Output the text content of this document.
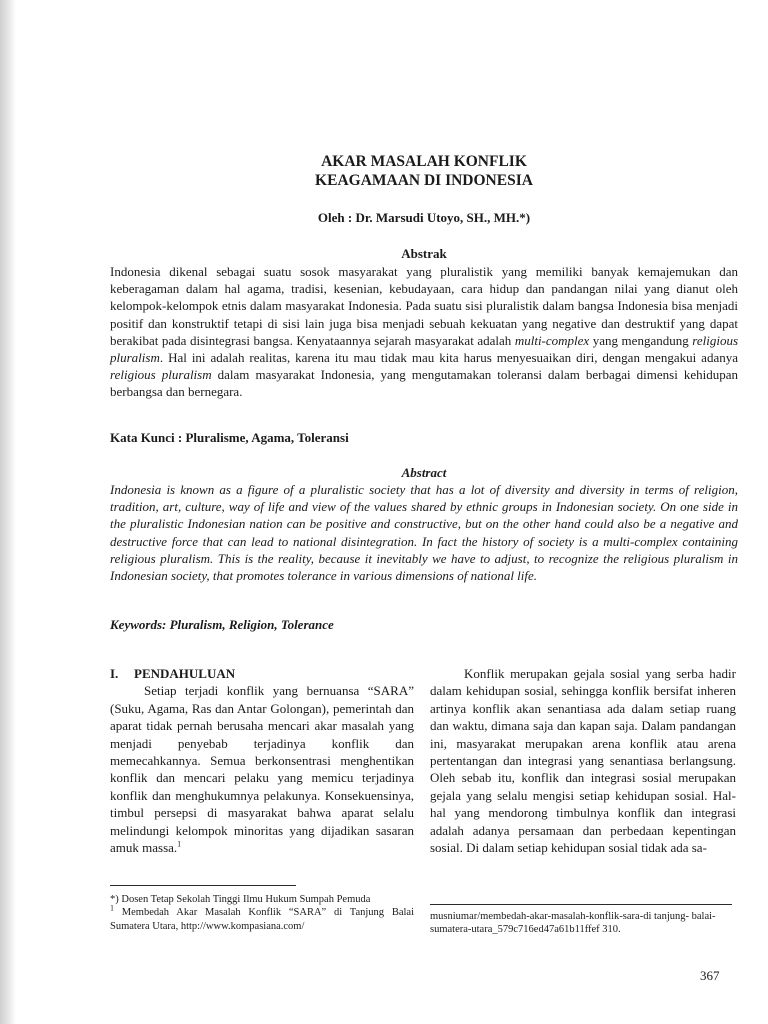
AKAR MASALAH KONFLIK
KEAGAMAAN DI INDONESIA
Oleh : Dr. Marsudi Utoyo, SH., MH.*)
Abstrak
Indonesia dikenal sebagai suatu sosok masyarakat yang pluralistik yang memiliki banyak kemajemukan dan keberagaman dalam hal agama, tradisi, kesenian, kebudayaan, cara hidup dan pandangan nilai yang dianut oleh kelompok-kelompok etnis dalam masyarakat Indonesia. Pada suatu sisi pluralistik dalam bangsa Indonesia bisa menjadi positif dan konstruktif tetapi di sisi lain juga bisa menjadi sebuah kekuatan yang negative dan destruktif yang dapat berakibat pada disintegrasi bangsa. Kenyataannya sejarah masyarakat adalah multi-complex yang mengandung religious pluralism. Hal ini adalah realitas, karena itu mau tidak mau kita harus menyesuaikan diri, dengan mengakui adanya religious pluralism dalam masyarakat Indonesia, yang mengutamakan toleransi dalam berbagai dimensi kehidupan berbangsa dan bernegara.
Kata Kunci : Pluralisme, Agama, Toleransi
Abstract
Indonesia is known as a figure of a pluralistic society that has a lot of diversity and diversity in terms of religion, tradition, art, culture, way of life and view of the values shared by ethnic groups in Indonesian society. On one side in the pluralistic Indonesian nation can be positive and constructive, but on the other hand could also be a negative and destructive force that can lead to national disintegration. In fact the history of society is a multi-complex containing religious pluralism. This is the reality, because it inevitably we have to adjust, to recognize the religious pluralism in Indonesian society, that promotes tolerance in various dimensions of national life.
Keywords: Pluralism, Religion, Tolerance
I. PENDAHULUAN

Setiap terjadi konflik yang bernuansa “SARA” (Suku, Agama, Ras dan Antar Golongan), pemerintah dan aparat tidak pernah berusaha mencari akar masalah yang menjadi penyebab terjadinya konflik dan memecahkannya. Semua berkonsentrasi menghentikan konflik dan mencari pelaku yang memicu terjadinya konflik dan menghukumnya pelakunya. Konsekuensinya, timbul persepsi di masyarakat bahwa aparat selalu melindungi kelompok minoritas yang dijadikan sasaran amuk massa.$^1$

Konflik merupakan gejala sosial yang serba hadir dalam kehidupan sosial, sehingga konflik bersifat inheren artinya konflik akan senantiasa ada dalam setiap ruang dan waktu, dimana saja dan kapan saja. Dalam pandangan ini, masyarakat merupakan arena konflik atau arena pertentangan dan integrasi yang senantiasa berlangsung. Oleh sebab itu, konflik dan integrasi sosial merupakan gejala yang selalu mengisi setiap kehidupan sosial. Hal-hal yang mendorong timbulnya konflik dan integrasi adalah adanya persamaan dan perbedaan kepentingan sosial. Di dalam setiap kehidupan sosial tidak ada sa-

*) Dosen Tetap Sekolah Tinggi Ilmu Hukum Sumpah Pemuda

$^1$ Membedah Akar Masalah Konflik “SARA” di Tanjung Balai Sumatera Utara, http://www.kompasiana.com/

musniumar/membedah-akar-masalah-konflik-sara-di tanjung- balai- sumatera-utara_579c716ed47a61b11ffef 310.
367
